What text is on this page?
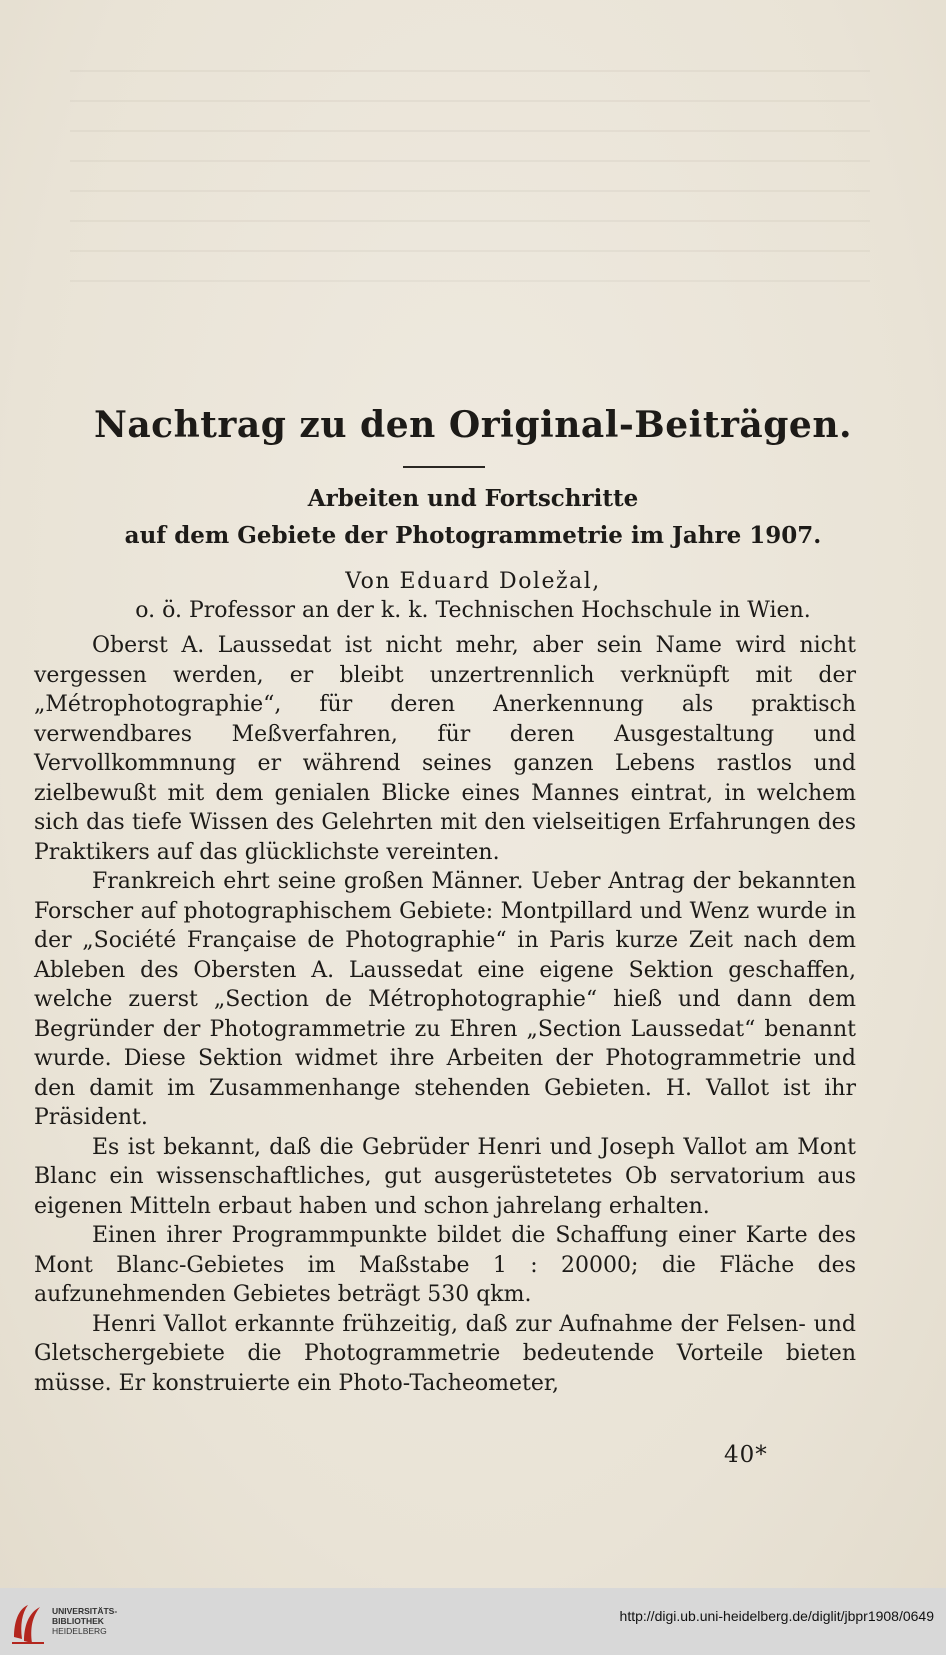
Nachtrag zu den Original-Beiträgen.
Arbeiten und Fortschritte
auf dem Gebiete der Photogrammetrie im Jahre 1907.

Von Eduard Doležal,

o. ö. Professor an der k. k. Technischen Hochschule in Wien.

Oberst A. Laussedat ist nicht mehr, aber sein Name wird nicht vergessen werden, er bleibt unzertrennlich verknüpft mit der „Métrophotographie“, für deren Anerkennung als praktisch verwendbares Meßverfahren, für deren Ausgestaltung und Vervollkommnung er während seines ganzen Lebens rastlos und zielbewußt mit dem genialen Blicke eines Mannes eintrat, in welchem sich das tiefe Wissen des Gelehrten mit den vielseitigen Erfahrungen des Praktikers auf das glücklichste vereinten.

Frankreich ehrt seine großen Männer. Ueber Antrag der bekannten Forscher auf photographischem Gebiete: Montpillard und Wenz wurde in der „Société Française de Photographie“ in Paris kurze Zeit nach dem Ableben des Obersten A. Laussedat eine eigene Sektion geschaffen, welche zuerst „Section de Métrophotographie“ hieß und dann dem Begründer der Photogrammetrie zu Ehren „Section Laussedat“ benannt wurde. Diese Sektion widmet ihre Arbeiten der Photogrammetrie und den damit im Zusammenhange stehenden Gebieten. H. Vallot ist ihr Präsident.

Es ist bekannt, daß die Gebrüder Henri und Joseph Vallot am Mont Blanc ein wissenschaftliches, gut ausgerüstetetes Ob servatorium aus eigenen Mitteln erbaut haben und schon jahrelang erhalten.

Einen ihrer Programmpunkte bildet die Schaffung einer Karte des Mont Blanc-Gebietes im Maßstabe 1 : 20000; die Fläche des aufzunehmenden Gebietes beträgt 530 qkm.

Henri Vallot erkannte frühzeitig, daß zur Aufnahme der Felsen- und Gletschergebiete die Photogrammetrie bedeutende Vorteile bieten müsse. Er konstruierte ein Photo-Tacheometer,

40*
UNIVERSITÄTS-
BIBLIOTHEK
HEIDELBERG
http://digi.ub.uni-heidelberg.de/diglit/jbpr1908/0649
